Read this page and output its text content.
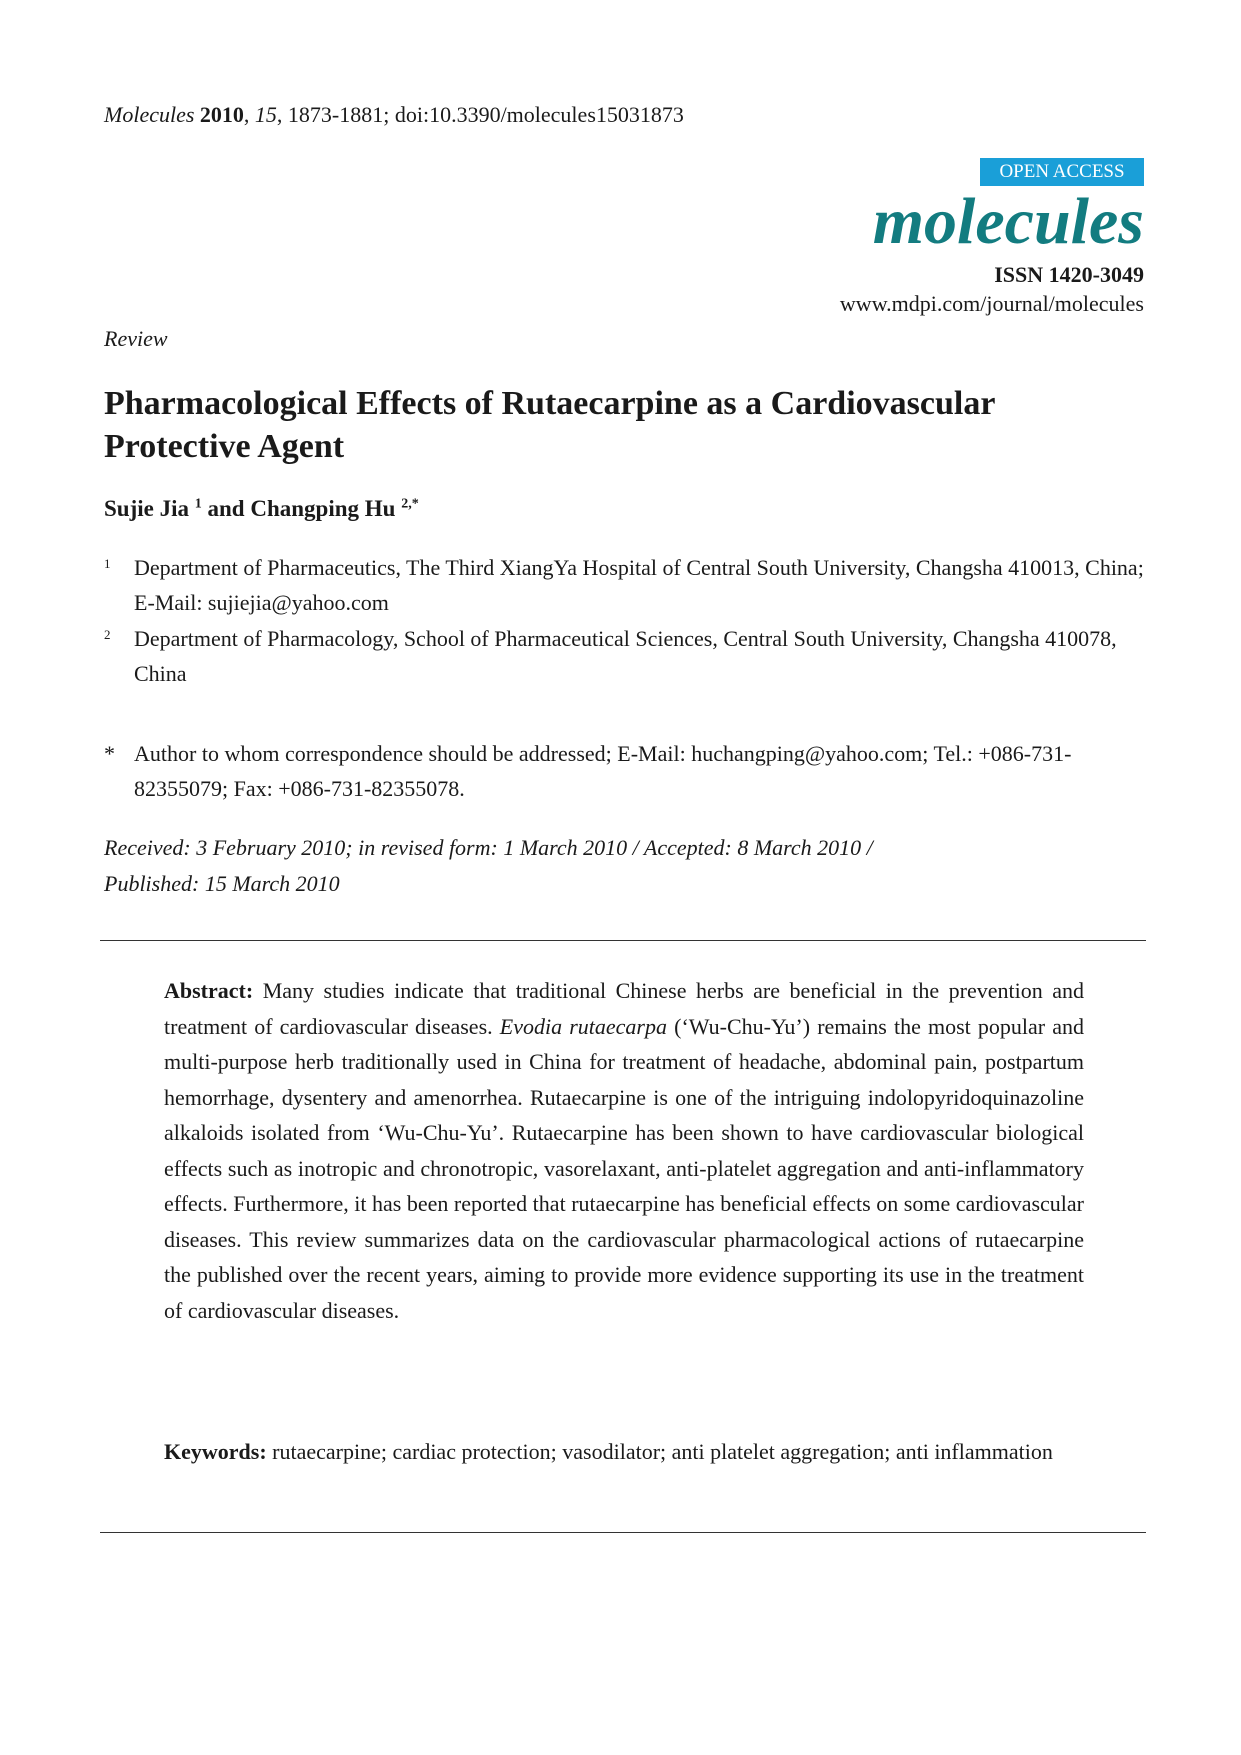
Molecules 2010, 15, 1873-1881; doi:10.3390/molecules15031873
OPEN ACCESS
molecules
ISSN 1420-3049
www.mdpi.com/journal/molecules
Review
Pharmacological Effects of Rutaecarpine as a Cardiovascular Protective Agent
Sujie Jia $^1$ and Changping Hu $^{2,*}$
1 Department of Pharmaceutics, The Third XiangYa Hospital of Central South University, Changsha 410013, China; E-Mail: sujiejia@yahoo.com
2 Department of Pharmacology, School of Pharmaceutical Sciences, Central South University, Changsha 410078, China
* Author to whom correspondence should be addressed; E-Mail: huchangping@yahoo.com; Tel.: +086-731-82355079; Fax: +086-731-82355078.
Received: 3 February 2010; in revised form: 1 March 2010 / Accepted: 8 March 2010 /
Published: 15 March 2010
Abstract: Many studies indicate that traditional Chinese herbs are beneficial in the prevention and treatment of cardiovascular diseases. Evodia rutaecarpa (‘Wu-Chu-Yu’) remains the most popular and multi-purpose herb traditionally used in China for treatment of headache, abdominal pain, postpartum hemorrhage, dysentery and amenorrhea. Rutaecarpine is one of the intriguing indolopyridoquinazoline alkaloids isolated from ‘Wu-Chu-Yu’. Rutaecarpine has been shown to have cardiovascular biological effects such as inotropic and chronotropic, vasorelaxant, anti-platelet aggregation and anti-inflammatory effects. Furthermore, it has been reported that rutaecarpine has beneficial effects on some cardiovascular diseases. This review summarizes data on the cardiovascular pharmacological actions of rutaecarpine the published over the recent years, aiming to provide more evidence supporting its use in the treatment of cardiovascular diseases.
Keywords: rutaecarpine; cardiac protection; vasodilator; anti platelet aggregation; anti inflammation
